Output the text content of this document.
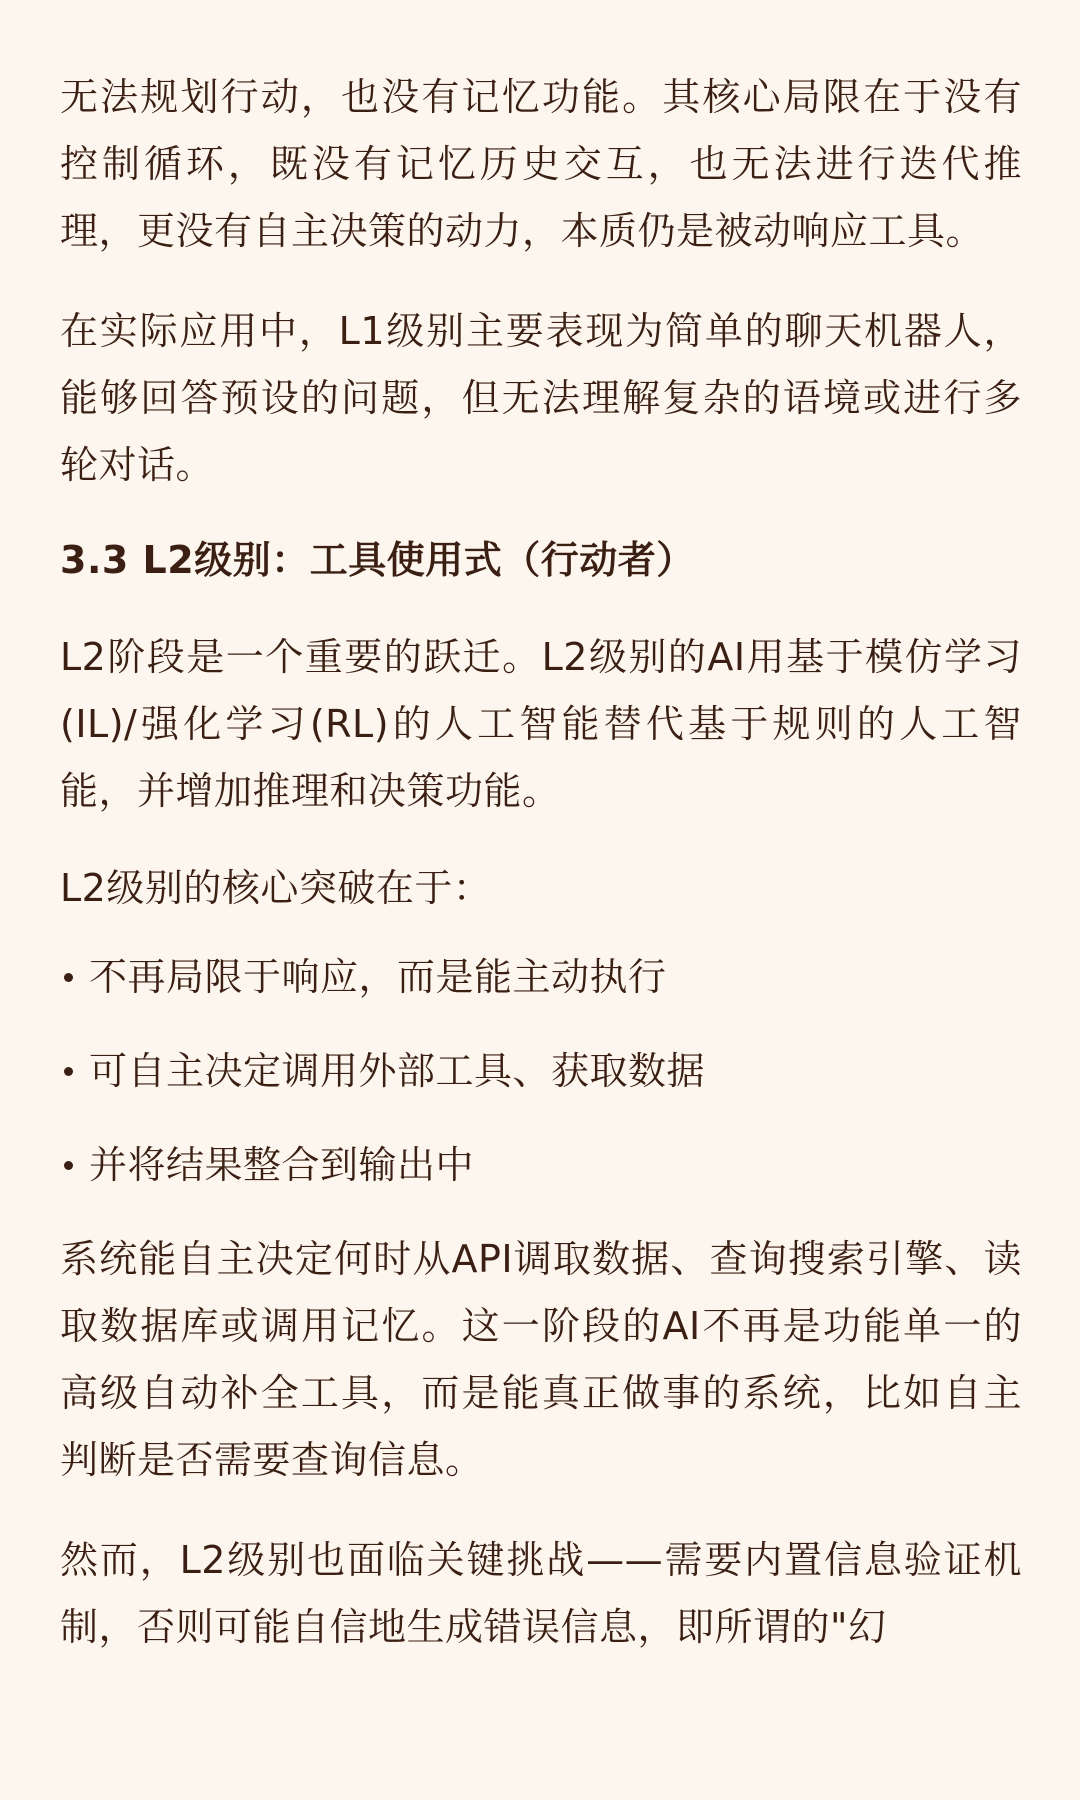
无法规划行动，也没有记忆功能。其核心局限在于没有控制循环，既没有记忆历史交互，也无法进行迭代推理，更没有自主决策的动力，本质仍是被动响应工具。

在实际应用中，L1级别主要表现为简单的聊天机器人，能够回答预设的问题，但无法理解复杂的语境或进行多轮对话。

3.3 L2级别：工具使用式（行动者）

L2阶段是一个重要的跃迁。L2级别的AI用基于模仿学习(IL)/强化学习(RL)的人工智能替代基于规则的人工智能，并增加推理和决策功能。

L2级别的核心突破在于：

不再局限于响应，而是能主动执行
可自主决定调用外部工具、获取数据
并将结果整合到输出中

系统能自主决定何时从API调取数据、查询搜索引擎、读取数据库或调用记忆。这一阶段的AI不再是功能单一的高级自动补全工具，而是能真正做事的系统，比如自主判断是否需要查询信息。

然而，L2级别也面临关键挑战——需要内置信息验证机制，否则可能自信地生成错误信息，即所谓的"幻
